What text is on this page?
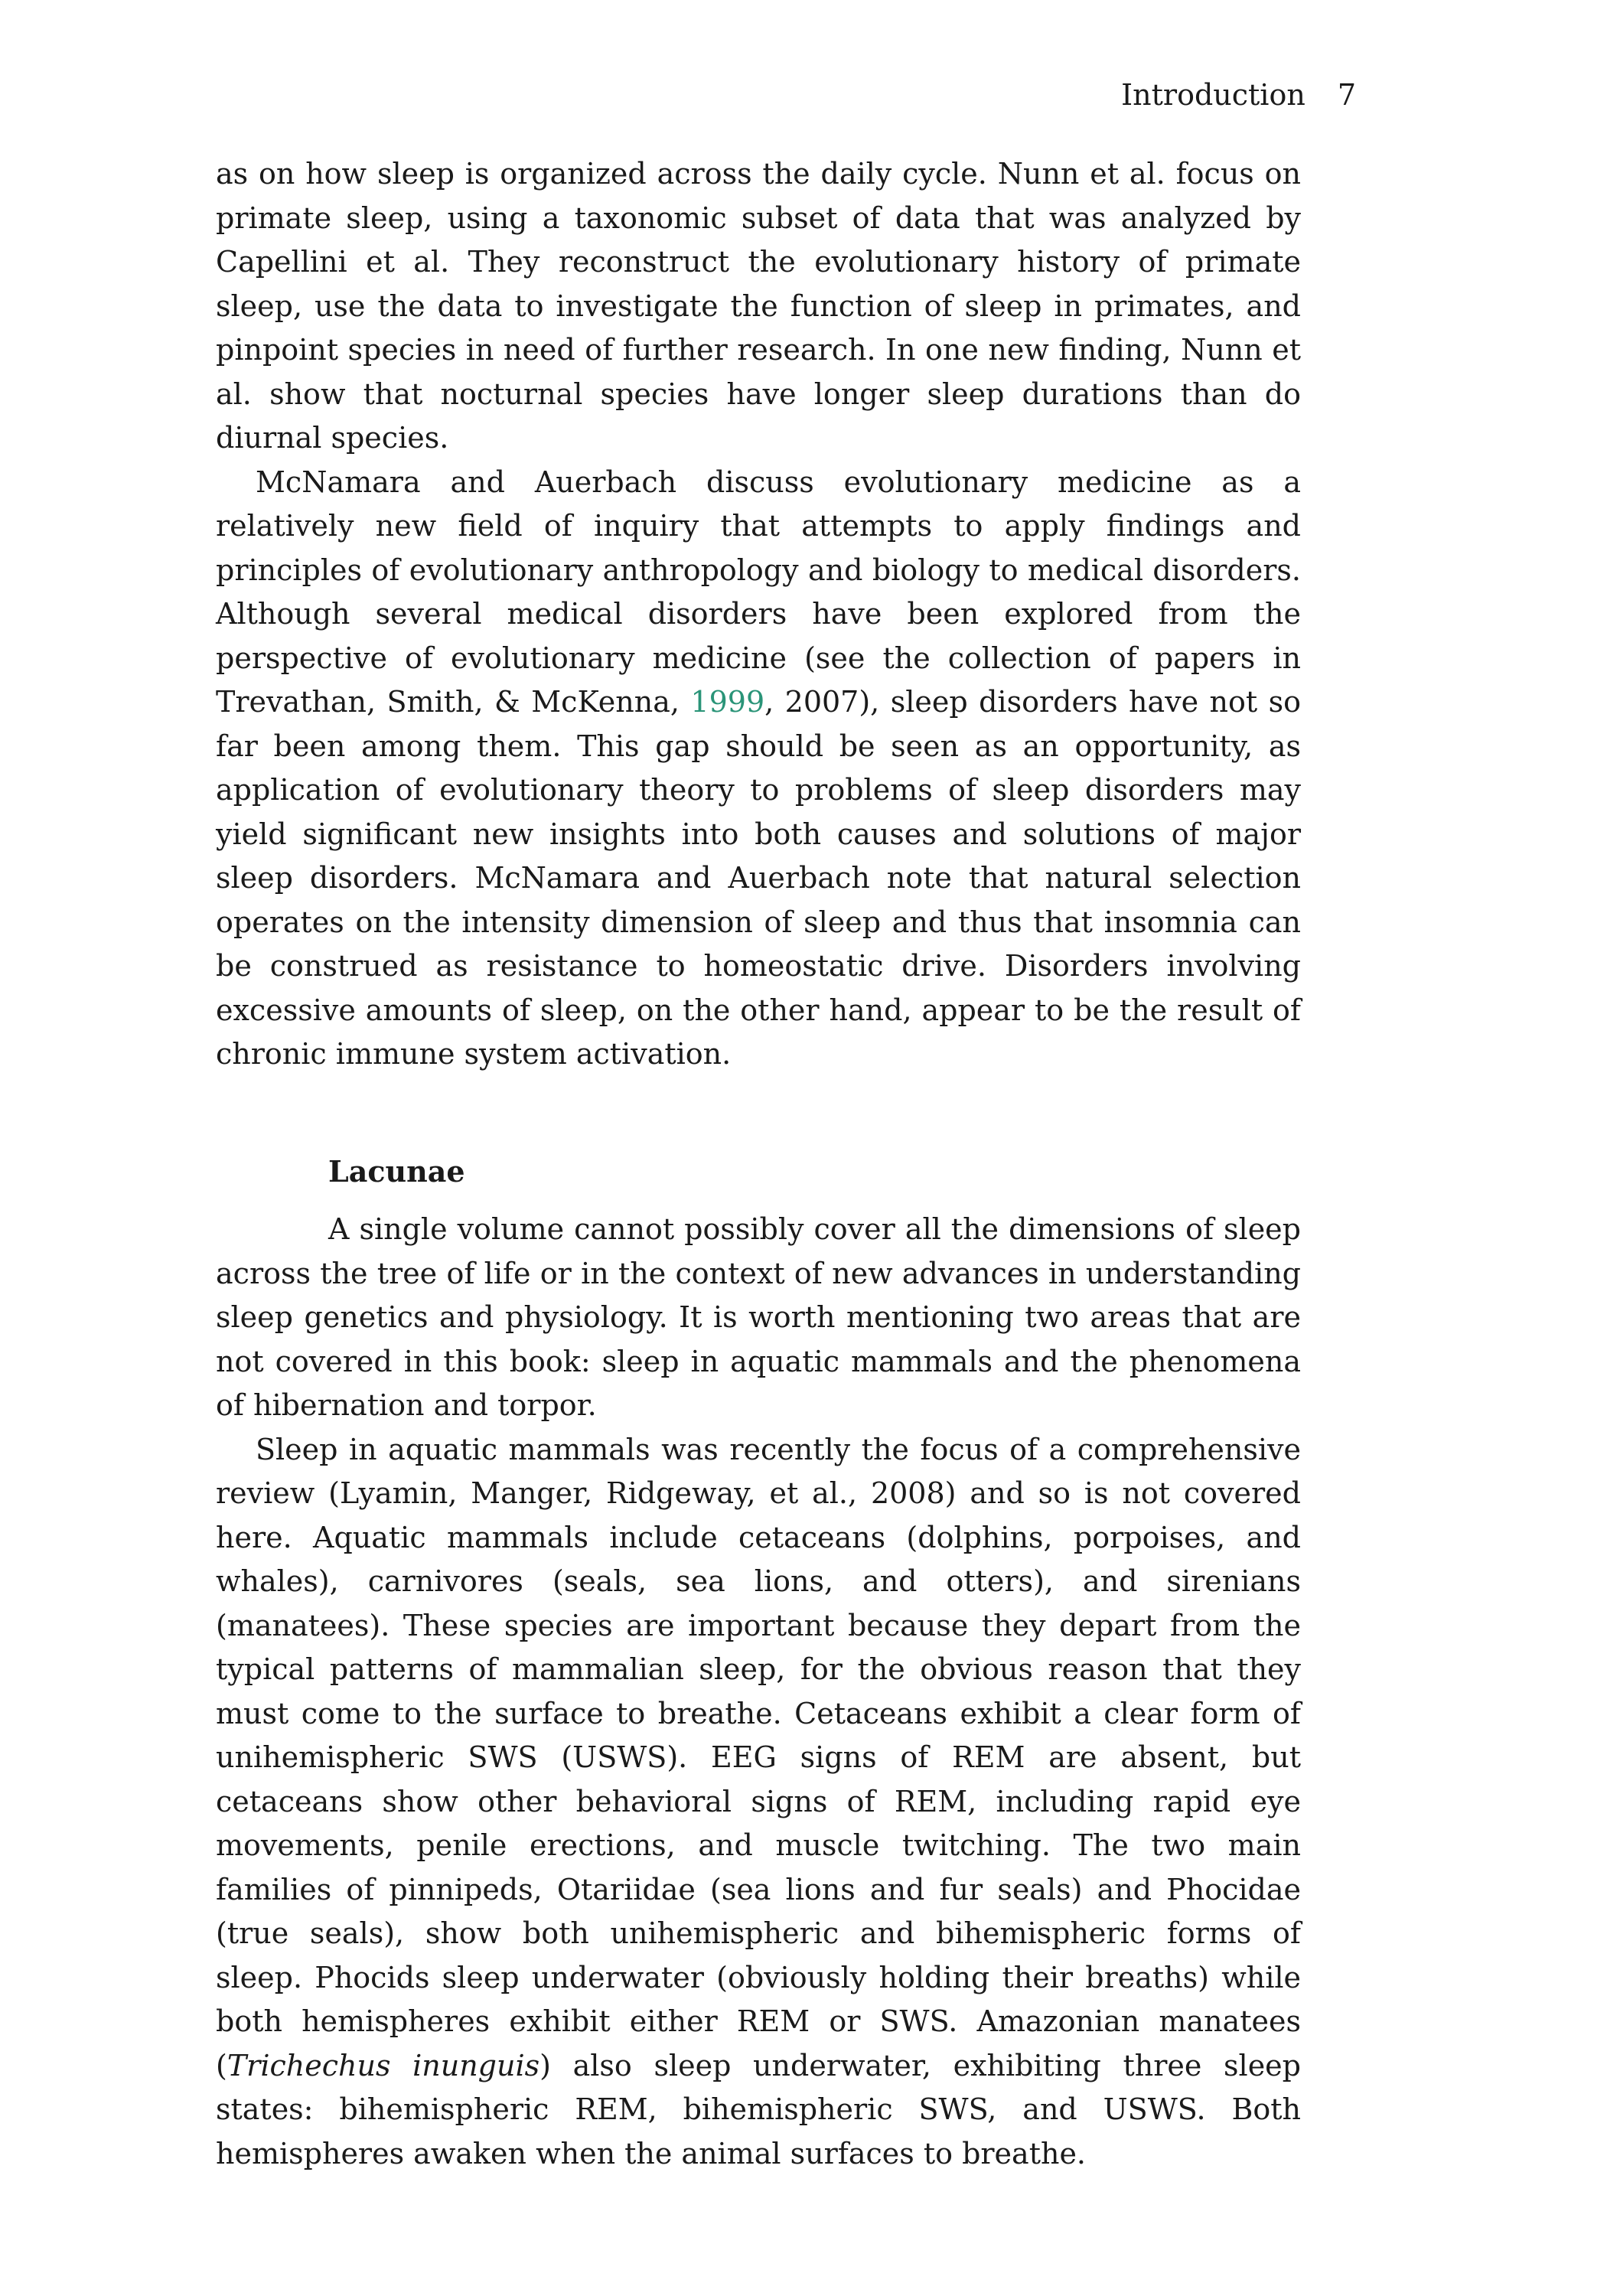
Introduction 7

as on how sleep is organized across the daily cycle. Nunn et al. focus on primate sleep, using a taxonomic subset of data that was analyzed by Capellini et al. They reconstruct the evolutionary history of primate sleep, use the data to investigate the function of sleep in primates, and pinpoint species in need of further research. In one new finding, Nunn et al. show that nocturnal species have longer sleep durations than do diurnal species.

McNamara and Auerbach discuss evolutionary medicine as a relatively new field of inquiry that attempts to apply findings and principles of evolutionary anthropology and biology to medical disorders. Although several medical disorders have been explored from the perspective of evolutionary medicine (see the collection of papers in Trevathan, Smith, & McKenna, 1999, 2007), sleep disorders have not so far been among them. This gap should be seen as an opportunity, as application of evolutionary theory to problems of sleep disorders may yield significant new insights into both causes and solutions of major sleep disorders. McNamara and Auerbach note that natural selection operates on the intensity dimension of sleep and thus that insomnia can be construed as resistance to homeostatic drive. Disorders involving excessive amounts of sleep, on the other hand, appear to be the result of chronic immune system activation.

Lacunae

A single volume cannot possibly cover all the dimensions of sleep across the tree of life or in the context of new advances in understanding sleep genetics and physiology. It is worth mentioning two areas that are not covered in this book: sleep in aquatic mammals and the phenomena of hibernation and torpor.

Sleep in aquatic mammals was recently the focus of a comprehensive review (Lyamin, Manger, Ridgeway, et al., 2008) and so is not covered here. Aquatic mammals include cetaceans (dolphins, porpoises, and whales), carnivores (seals, sea lions, and otters), and sirenians (manatees). These species are important because they depart from the typical patterns of mammalian sleep, for the obvious reason that they must come to the surface to breathe. Cetaceans exhibit a clear form of unihemispheric SWS (USWS). EEG signs of REM are absent, but cetaceans show other behavioral signs of REM, including rapid eye movements, penile erections, and muscle twitching. The two main families of pinnipeds, Otariidae (sea lions and fur seals) and Phocidae (true seals), show both unihemispheric and bihemispheric forms of sleep. Phocids sleep underwater (obviously holding their breaths) while both hemispheres exhibit either REM or SWS. Amazonian manatees (Trichechus inunguis) also sleep underwater, exhibiting three sleep states: bihemispheric REM, bihemispheric SWS, and USWS. Both hemispheres awaken when the animal surfaces to breathe.
